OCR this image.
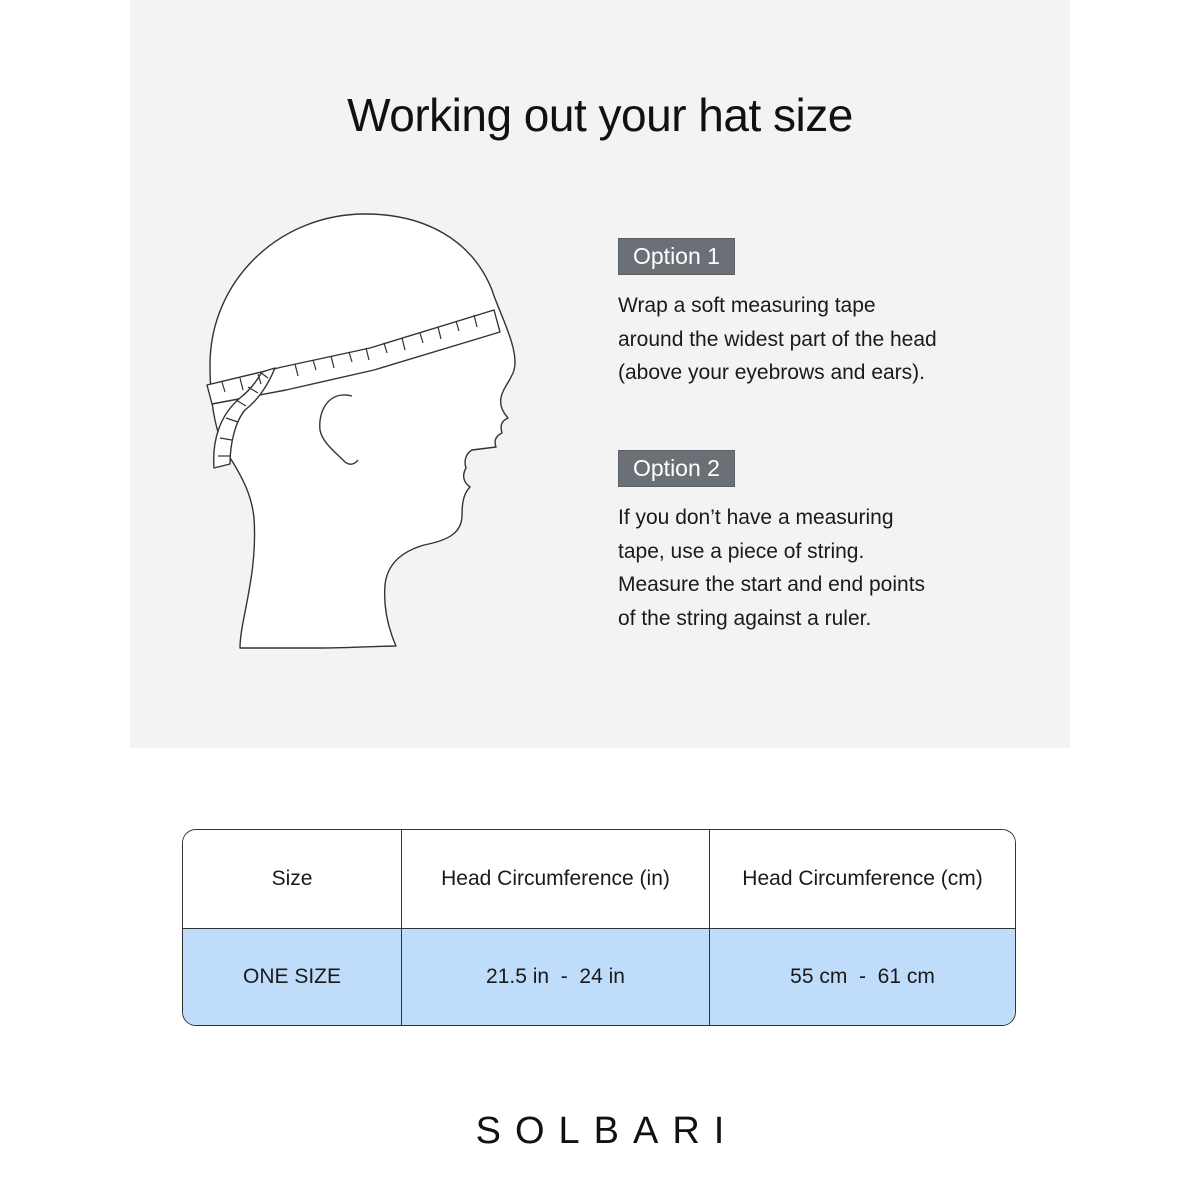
Working out your hat size
Option 1
Wrap a soft measuring tape
around the widest part of the head
(above your eyebrows and ears).
Option 2
If you don’t have a measuring
tape, use a piece of string.
Measure the start and end points
of the string against a ruler.
Size	Head Circumference (in)	Head Circumference (cm)
ONE SIZE	21.5 in  -  24 in	55 cm  -  61 cm
SOLBARI
